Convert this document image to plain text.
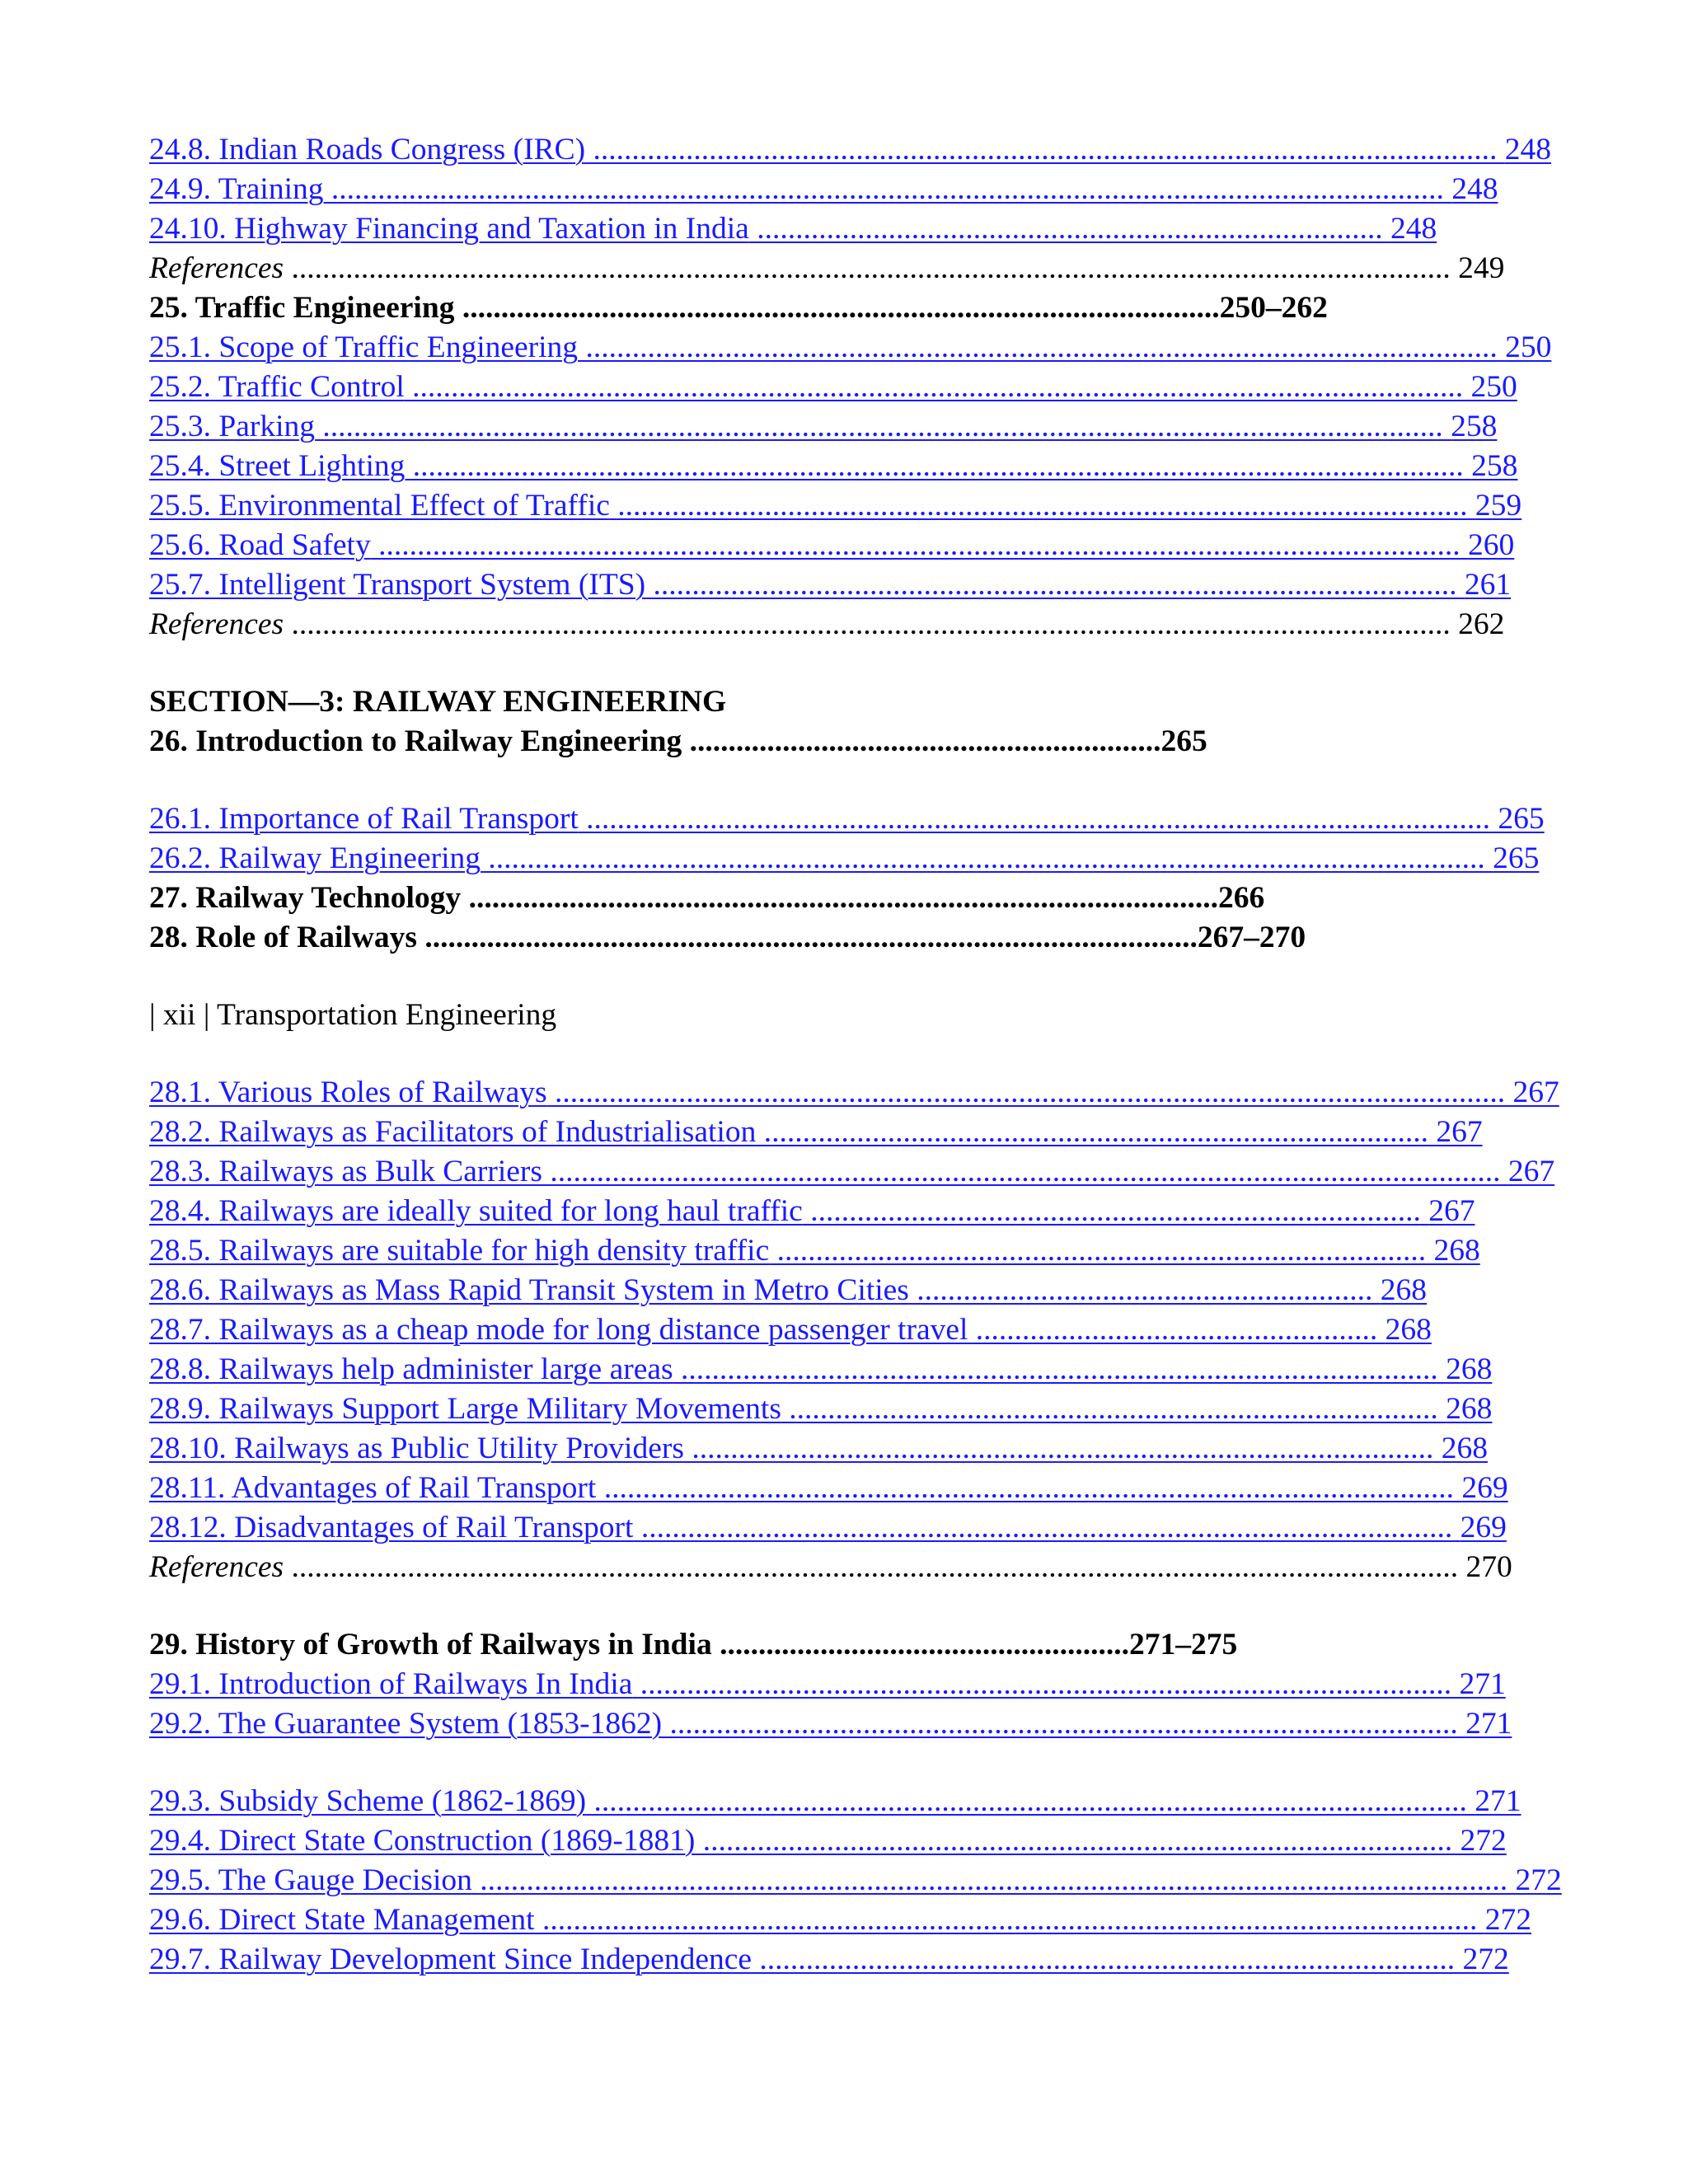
24.8. Indian Roads Congress (IRC) ..................................................................................................................... 248
24.9. Training ................................................................................................................................................ 248
24.10. Highway Financing and Taxation in India ................................................................................. 248
References ...................................................................................................................................................... 249
25. Traffic Engineering ..................................................................................................250–262
25.1. Scope of Traffic Engineering ...................................................................................................................... 250
25.2. Traffic Control ........................................................................................................................................ 250
25.3. Parking ................................................................................................................................................. 258
25.4. Street Lighting ........................................................................................................................................ 258
25.5. Environmental Effect of Traffic .............................................................................................................. 259
25.6. Road Safety ............................................................................................................................................ 260
25.7. Intelligent Transport System (ITS) ........................................................................................................ 261
References ...................................................................................................................................................... 262
SECTION—3: RAILWAY ENGINEERING
26. Introduction to Railway Engineering .............................................................265
26.1. Importance of Rail Transport ..................................................................................................................... 265
26.2. Railway Engineering ................................................................................................................................. 265
27. Railway Technology .................................................................................................266
28. Role of Railways ....................................................................................................267–270
| xii | Transportation Engineering
28.1. Various Roles of Railways ........................................................................................................................... 267
28.2. Railways as Facilitators of Industrialisation ...................................................................................... 267
28.3. Railways as Bulk Carriers ........................................................................................................................... 267
28.4. Railways are ideally suited for long haul traffic ............................................................................... 267
28.5. Railways are suitable for high density traffic .................................................................................... 268
28.6. Railways as Mass Rapid Transit System in Metro Cities ........................................................... 268
28.7. Railways as a cheap mode for long distance passenger travel .................................................... 268
28.8. Railways help administer large areas .................................................................................................. 268
28.9. Railways Support Large Military Movements .................................................................................... 268
28.10. Railways as Public Utility Providers ................................................................................................ 268
28.11. Advantages of Rail Transport .............................................................................................................. 269
28.12. Disadvantages of Rail Transport ......................................................................................................... 269
References ....................................................................................................................................................... 270
29. History of Growth of Railways in India .....................................................271–275
29.1. Introduction of Railways In India ......................................................................................................... 271
29.2. The Guarantee System (1853-1862) ...................................................................................................... 271
29.3. Subsidy Scheme (1862-1869) ................................................................................................................. 271
29.4. Direct State Construction (1869-1881) ................................................................................................. 272
29.5. The Gauge Decision ..................................................................................................................................... 272
29.6. Direct State Management ......................................................................................................................... 272
29.7. Railway Development Since Independence .......................................................................................... 272
